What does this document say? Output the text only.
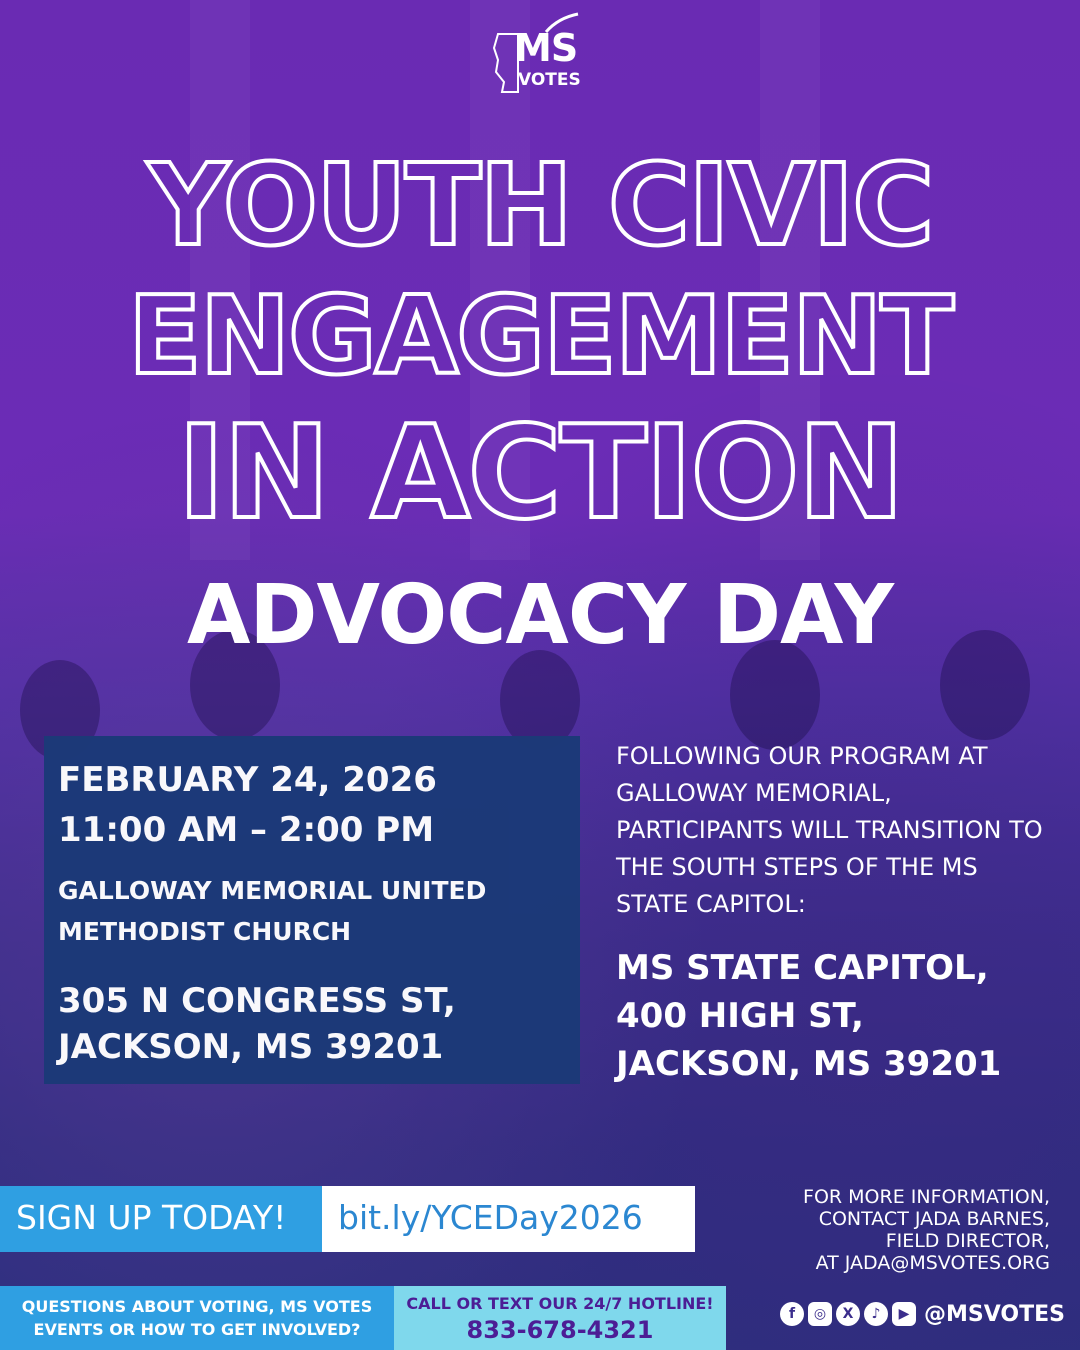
MS
VOTES
YOUTH CIVIC
ENGAGEMENT
IN ACTION
ADVOCACY DAY
FEBRUARY 24, 2026
11:00 AM – 2:00 PM
GALLOWAY MEMORIAL UNITED METHODIST CHURCH
305 N CONGRESS ST,
JACKSON, MS 39201
FOLLOWING OUR PROGRAM AT GALLOWAY MEMORIAL, PARTICIPANTS WILL TRANSITION TO THE SOUTH STEPS OF THE MS STATE CAPITOL:
MS STATE CAPITOL,
400 HIGH ST,
JACKSON, MS 39201
SIGN UP TODAY! bit.ly/YCEDay2026
FOR MORE INFORMATION,
CONTACT JADA BARNES,
FIELD DIRECTOR,
AT JADA@MSVOTES.ORG
QUESTIONS ABOUT VOTING, MS VOTES
EVENTS OR HOW TO GET INVOLVED?
CALL OR TEXT OUR 24/7 HOTLINE!
833-678-4321
f	◎	X	♪	▶ @MSVOTES
